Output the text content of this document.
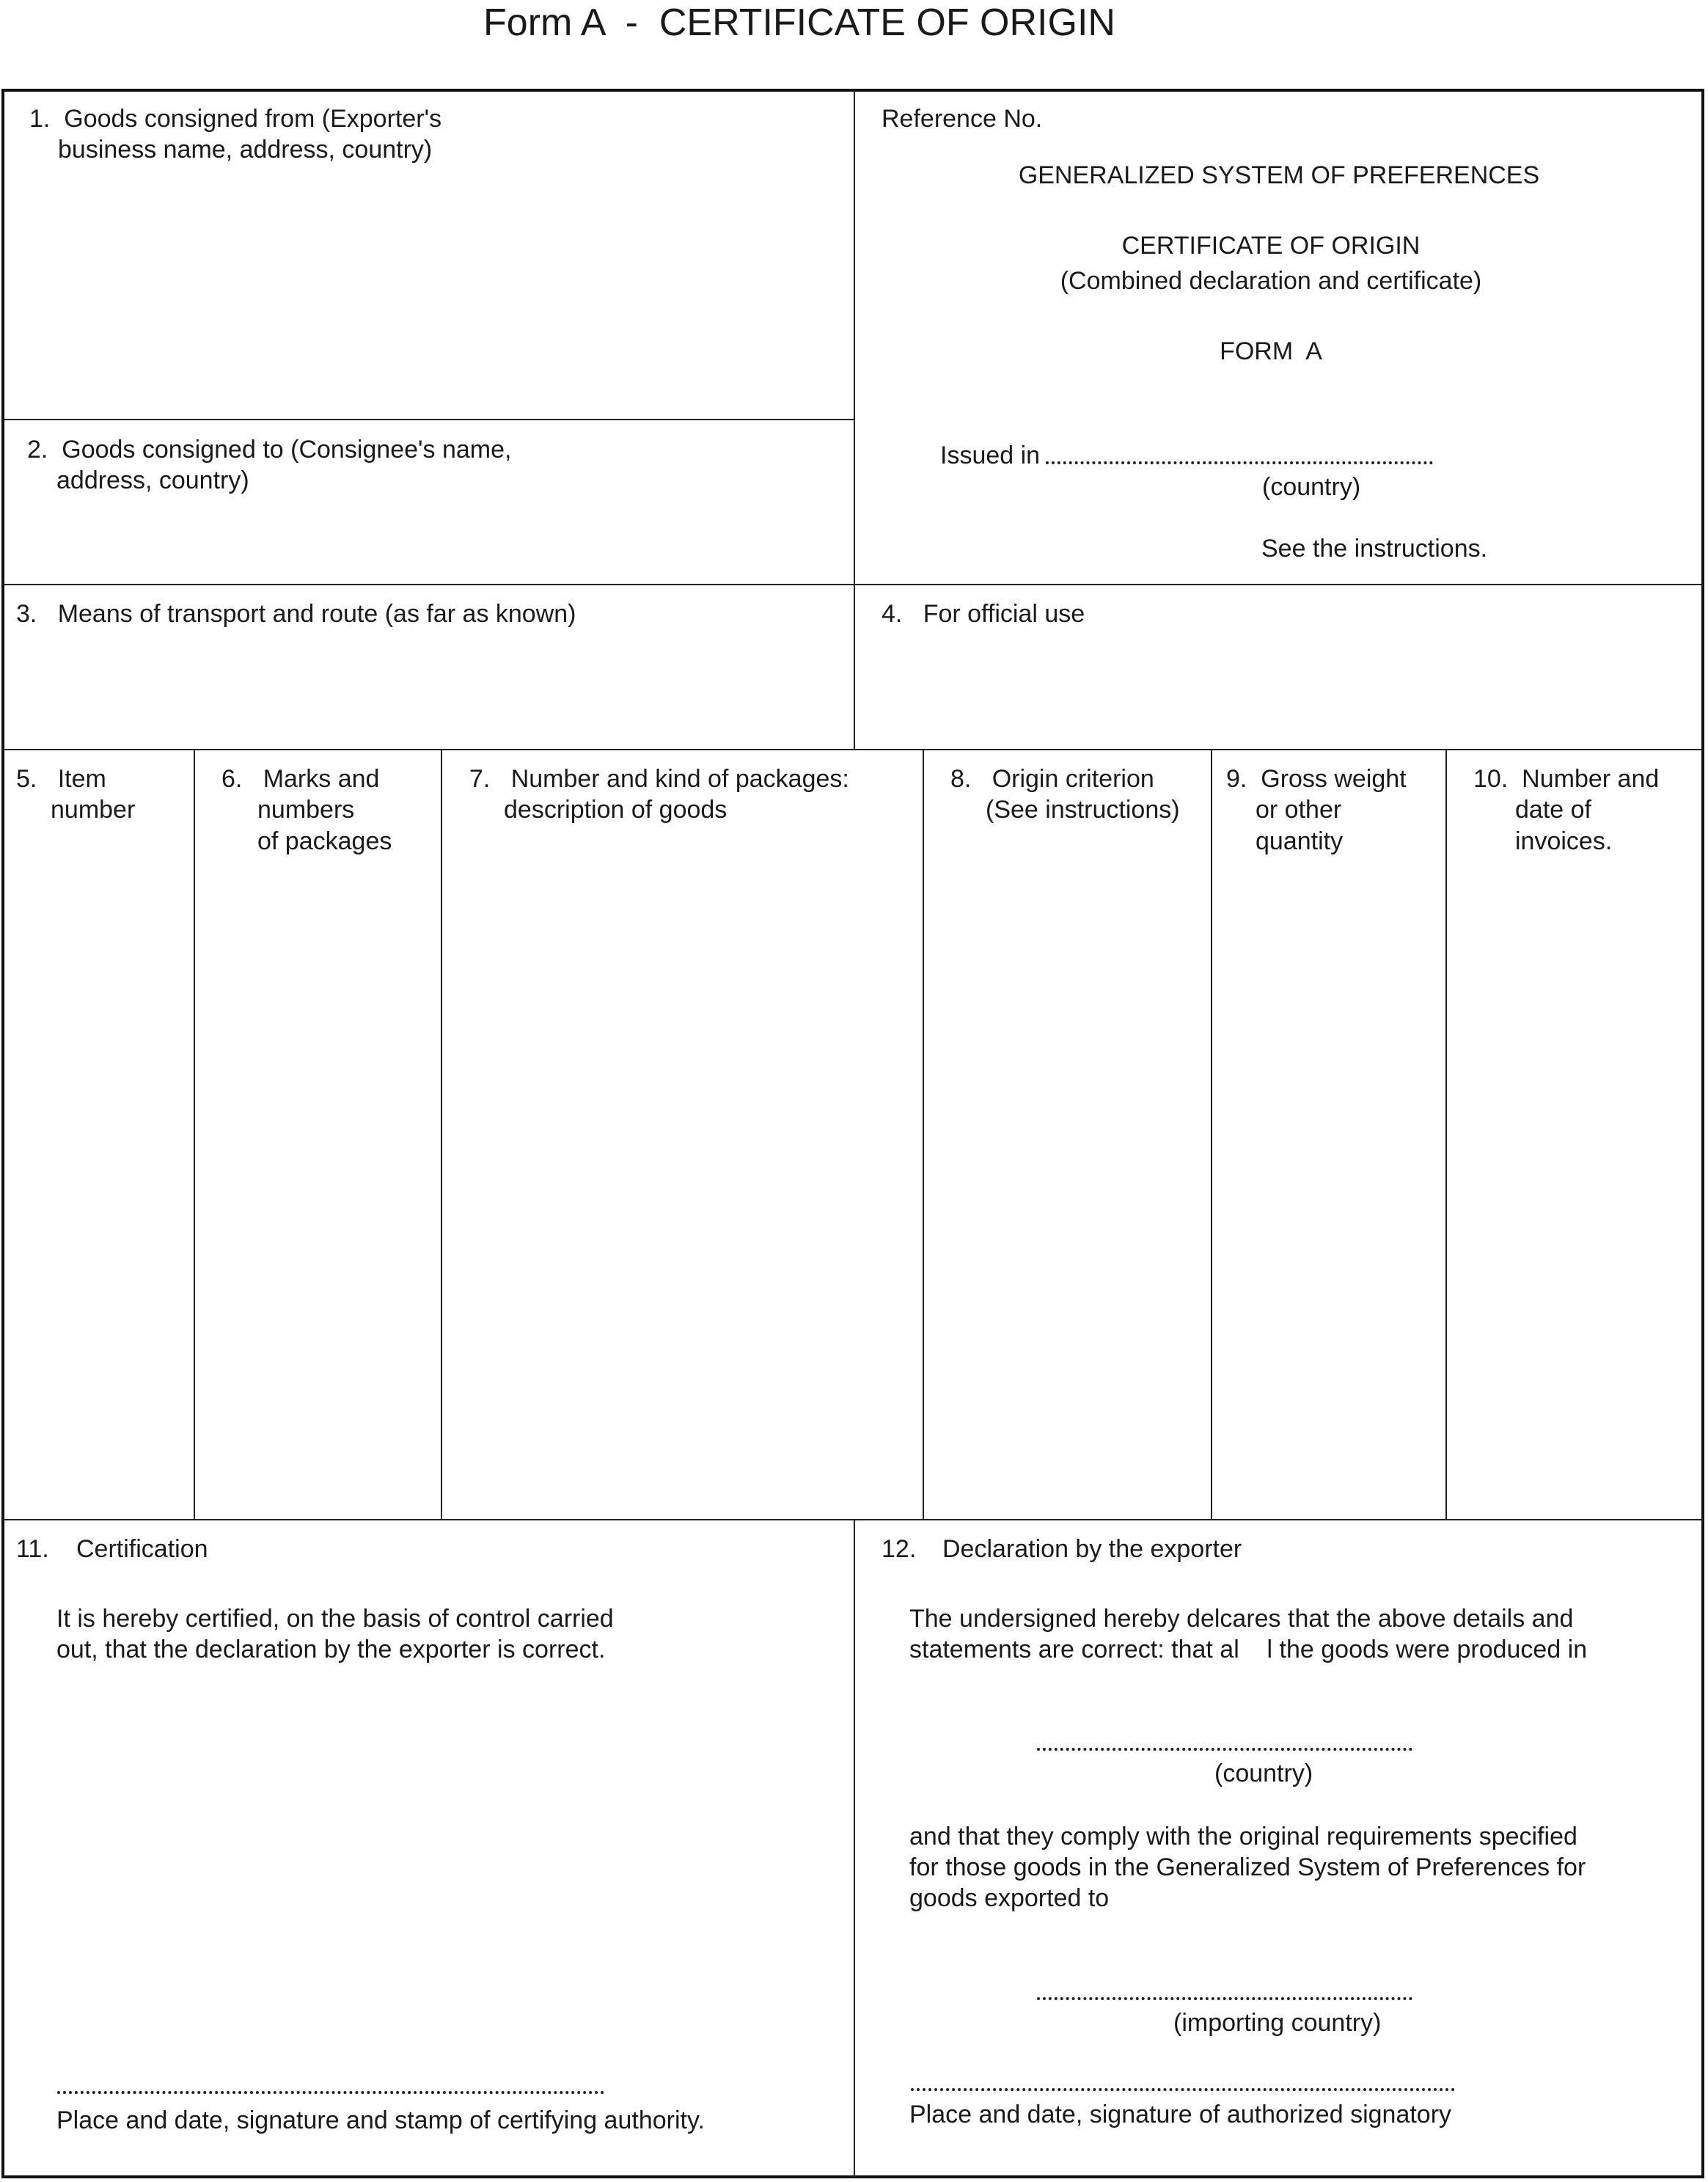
Form A  -  CERTIFICATE OF ORIGIN
1.  Goods consigned from (Exporter's
business name, address, country)
2.  Goods consigned to (Consignee's name,
address, country)
Reference No.
GENERALIZED SYSTEM OF PREFERENCES
CERTIFICATE OF ORIGIN
(Combined declaration and certificate)
FORM  A
Issued in
(country)
See the instructions.
3.   Means of transport and route (as far as known)	4.   For official use
5.   Item
number
6.   Marks and
numbers
of packages
7.   Number and kind of packages:
description of goods
8.   Origin criterion
(See instructions)
9.  Gross weight
or other
quantity
10.  Number and
date of
invoices.
11. Certification
It is hereby certified, on the basis of control carried
out, that the declaration by the exporter is correct.
Place and date, signature and stamp of certifying authority.
12. Declaration by the exporter
The undersigned hereby delcares that the above details and
statements are correct: that al    l the goods were produced in
(country)
and that they comply with the original requirements specified
for those goods in the Generalized System of Preferences for
goods exported to
(importing country)
Place and date, signature of authorized signatory
